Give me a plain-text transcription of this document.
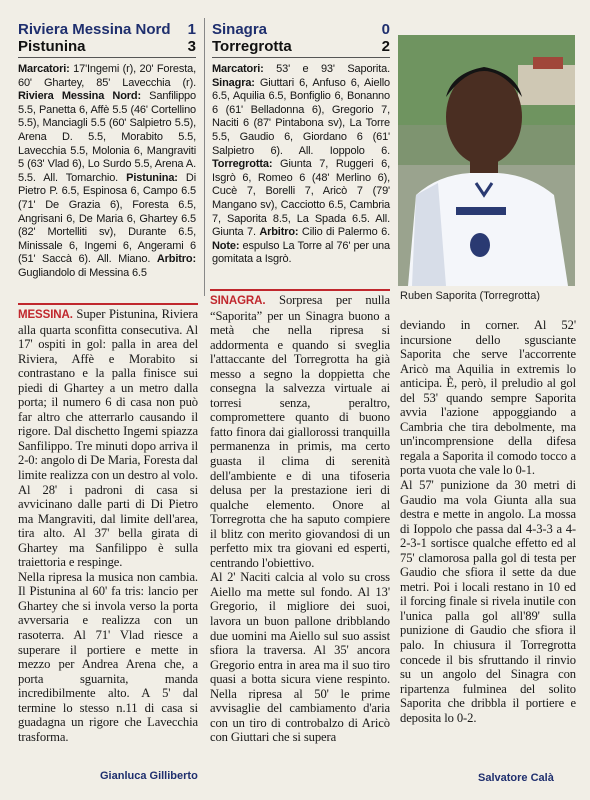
Riviera Messina Nord 1
Pistunina	3
Marcatori: 17'Ingemi (r), 20' Foresta, 60' Ghartey, 85' Lavecchia (r). Riviera Messina Nord: Sanfilippo 5.5, Panetta 6, Affè 5.5 (46' Cortellino 5.5), Manciagli 5.5 (60' Salpietro 5.5), Arena D. 5.5, Morabito 5.5, Lavecchia 5.5, Molonia 6, Mangraviti 5 (63' Vlad 6), Lo Surdo 5.5, Arena A. 5.5. All. Tomarchio. Pistunina: Di Pietro P. 6.5, Espinosa 6, Campo 6.5 (71' De Grazia 6), Foresta 6.5, Angrisani 6, De Maria 6, Ghartey 6.5 (82' Mortelliti sv), Durante 6.5, Minissale 6, Ingemi 6, Angerami 6 (51' Saccà 6). All. Miano. Arbitro: Gugliandolo di Messina 6.5
Sinagra	0
Torregrotta	2
Marcatori: 53' e 93' Saporita. Sinagra: Giuttari 6, Anfuso 6, Aiello 6.5, Aquilia 6.5, Bonfiglio 6, Bonanno 6 (61' Belladonna 6), Gregorio 7, Naciti 6 (87' Pintabona sv), La Torre 5.5, Gaudio 6, Giordano 6 (61' Salpietro 6). All. Ioppolo 6. Torregrotta: Giunta 7, Ruggeri 6, Isgrò 6, Romeo 6 (48' Merlino 6), Cucè 7, Borelli 7, Aricò 7 (79' Mangano sv), Cacciotto 6.5, Cambria 7, Saporita 8.5, La Spada 6.5. All. Giunta 7. Arbitro: Cilio di Palermo 6. Note: espulso La Torre al 76' per una gomitata a Isgrò.
Ruben Saporita (Torregrotta)

MESSINA. Super Pistunina, Riviera alla quarta sconfitta consecutiva. Al 17' ospiti in gol: palla in area del Riviera, Affè e Morabito si contrastano e la palla finisce sui piedi di Ghartey a un metro dalla porta; il numero 6 di casa non può far altro che atterrarlo causando il rigore. Dal dischetto Ingemi spiazza Sanfilippo. Tre minuti dopo arriva il 2-0: angolo di De Maria, Foresta dal limite realizza con un destro al volo. Al 28' i padroni di casa si avvicinano dalle parti di Di Pietro ma Mangraviti, dal limite dell'area, tira alto. Al 37' bella girata di Ghartey ma Sanfilippo è sulla traiettoria e respinge.

Nella ripresa la musica non cambia. Il Pistunina al 60' fa tris: lancio per Ghartey che si invola verso la porta avversaria e realizza con un rasoterra. Al 71' Vlad riesce a superare il portiere e mette in mezzo per Andrea Arena che, a porta sguarnita, manda incredibilmente alto. A 5' dal termine lo stesso n.11 di casa si guadagna un rigore che Lavecchia trasforma.

Gianluca Gilliberto

SINAGRA. Sorpresa per nulla “Saporita” per un Sinagra buono a metà che nella ripresa si addormenta e quando si sveglia l'attaccante del Torregrotta ha già messo a segno la doppietta che consegna la salvezza virtuale ai torresi senza, peraltro, compromettere quanto di buono fatto finora dai giallorossi tranquilla permanenza in primis, ma certo guasta il clima di serenità dell'ambiente e di una tifoseria delusa per la prestazione ieri di qualche elemento. Onore al Torregrotta che ha saputo compiere il blitz con merito giovandosi di un perfetto mix tra giovani ed esperti, centrando l'obiettivo.

Al 2' Naciti calcia al volo su cross Aiello ma mette sul fondo. Al 13' Gregorio, il migliore dei suoi, lavora un buon pallone dribblando due uomini ma Aiello sul suo assist sfiora la traversa. Al 35' ancora Gregorio entra in area ma il suo tiro quasi a botta sicura viene respinto. Nella ripresa al 50' le prime avvisaglie del cambiamento d'aria con un tiro di controbalzo di Aricò con Giuttari che si supera

deviando in corner. Al 52' incursione dello sgusciante Saporita che serve l'accorrente Aricò ma Aquilia in extremis lo anticipa. È, però, il preludio al gol del 53' quando sempre Saporita avvia l'azione appoggiando a Cambria che tira debolmente, ma un'incomprensione della difesa regala a Saporita il comodo tocco a porta vuota che vale lo 0-1.

Al 57' punizione da 30 metri di Gaudio ma vola Giunta alla sua destra e mette in angolo. La mossa di Ioppolo che passa dal 4-3-3 a 4-2-3-1 sortisce qualche effetto ed al 75' clamorosa palla gol di testa per Gaudio che sfiora il sette da due metri. Poi i locali restano in 10 ed il forcing finale si rivela inutile con l'unica palla gol all'89' sulla punizione di Gaudio che sfiora il palo. In chiusura il Torregrotta concede il bis sfruttando il rinvio su un angolo del Sinagra con ripartenza fulminea del solito Saporita che dribbla il portiere e deposita lo 0-2.

Salvatore Calà
